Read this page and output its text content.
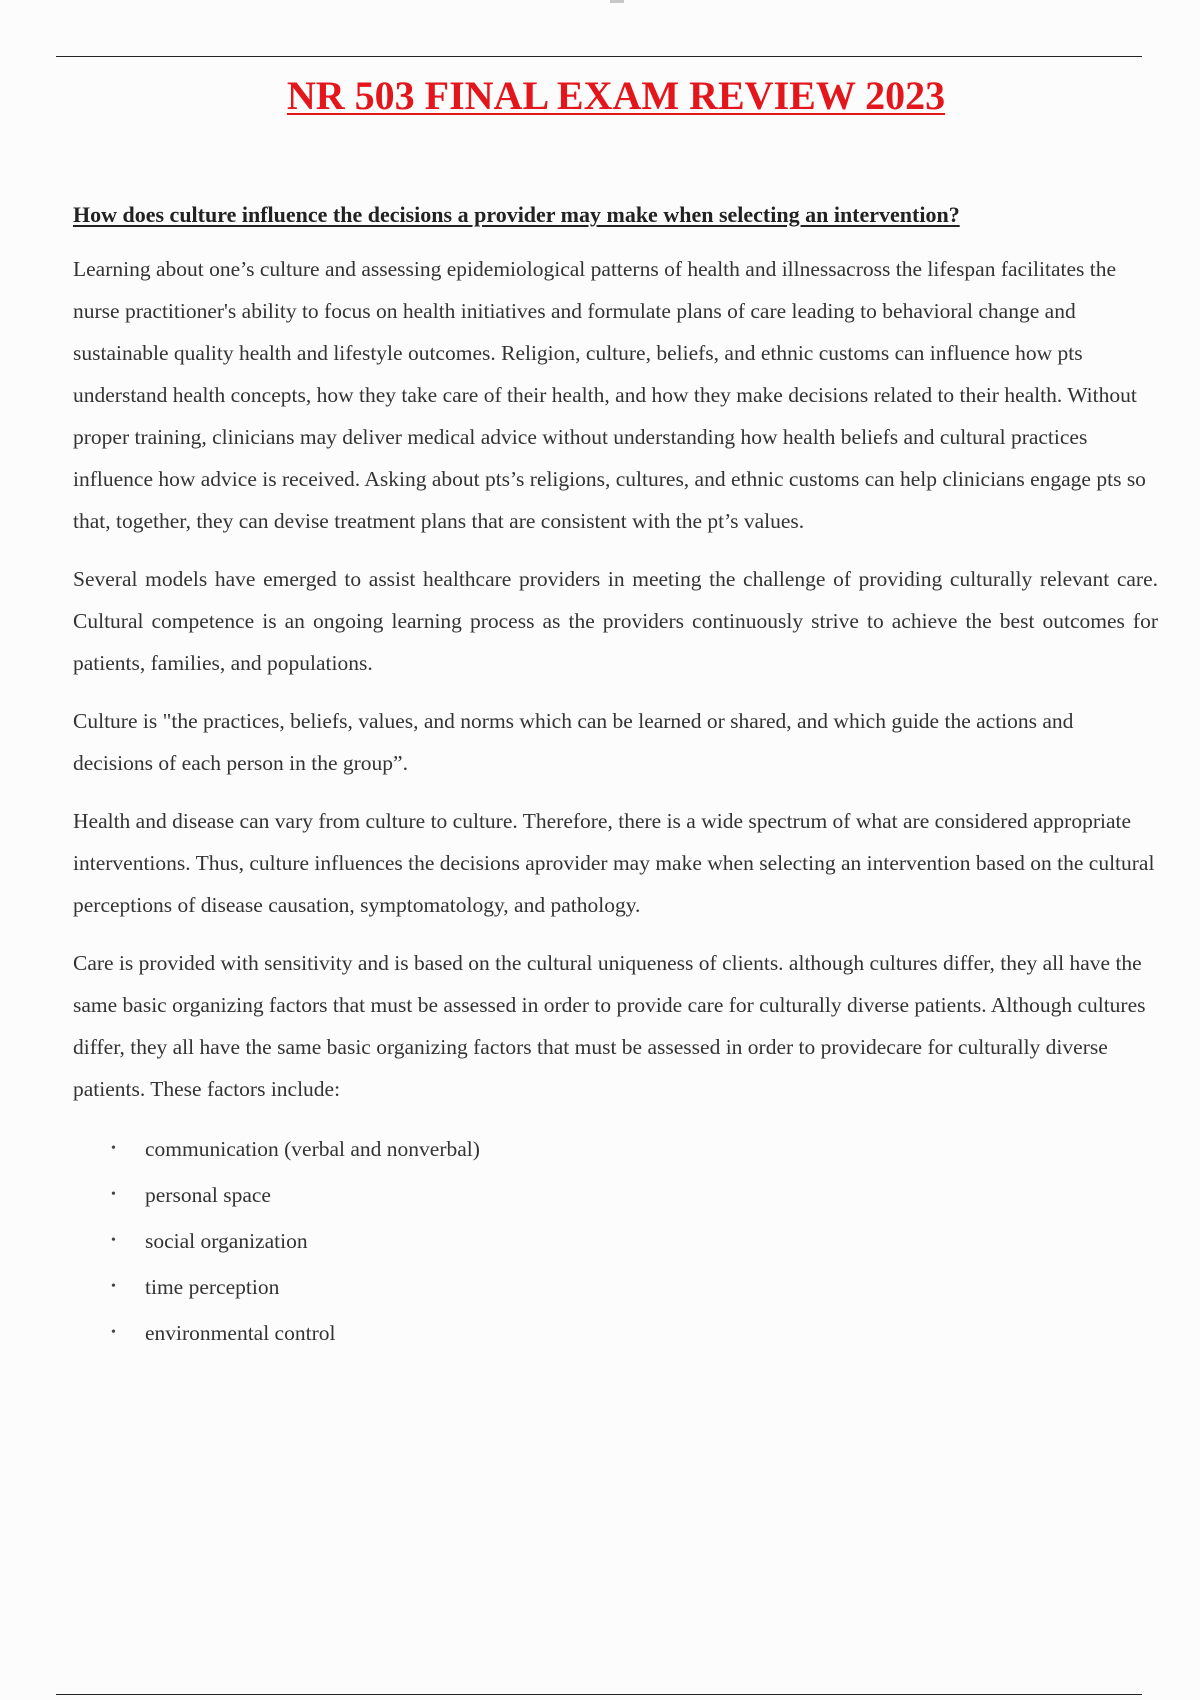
NR 503 FINAL EXAM REVIEW 2023

How does culture influence the decisions a provider may make when selecting an intervention?

Learning about one’s culture and assessing epidemiological patterns of health and illnessacross the lifespan facilitates the nurse practitioner's ability to focus on health initiatives and formulate plans of care leading to behavioral change and sustainable quality health and lifestyle outcomes. Religion, culture, beliefs, and ethnic customs can influence how pts understand health concepts, how they take care of their health, and how they make decisions related to their health. Without proper training, clinicians may deliver medical advice without understanding how health beliefs and cultural practices influence how advice is received. Asking about pts’s religions, cultures, and ethnic customs can help clinicians engage pts so that, together, they can devise treatment plans that are consistent with the pt’s values.

Several models have emerged to assist healthcare providers in meeting the challenge of providing culturally relevant care. Cultural competence is an ongoing learning process as the providers continuously strive to achieve the best outcomes for patients, families, and populations.

Culture is "the practices, beliefs, values, and norms which can be learned or shared, and which guide the actions and decisions of each person in the group”.

Health and disease can vary from culture to culture. Therefore, there is a wide spectrum of what are considered appropriate interventions. Thus, culture influences the decisions aprovider may make when selecting an intervention based on the cultural perceptions of disease causation, symptomatology, and pathology.

Care is provided with sensitivity and is based on the cultural uniqueness of clients. although cultures differ, they all have the same basic organizing factors that must be assessed in order to provide care for culturally diverse patients. Although cultures differ, they all have the same basic organizing factors that must be assessed in order to providecare for culturally diverse patients. These factors include:

• communication (verbal and nonverbal)
• personal space
• social organization
• time perception
• environmental control
